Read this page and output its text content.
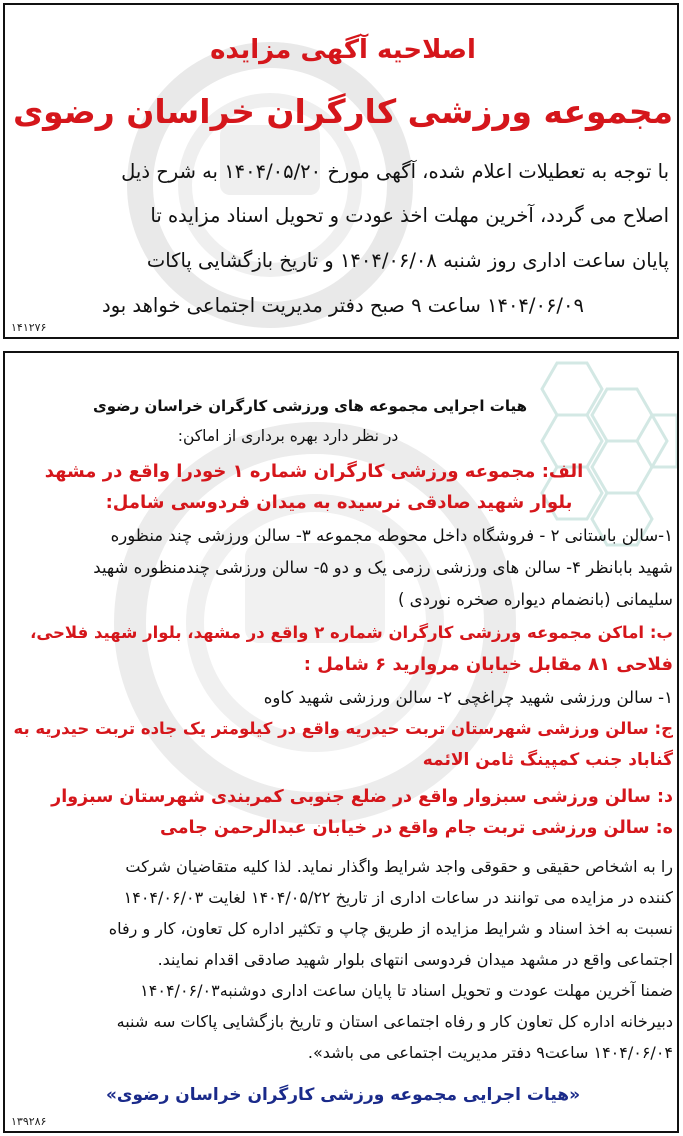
اصلاحیه آگهی مزایده
مجموعه ورزشی کارگران خراسان رضوی
با توجه به تعطیلات اعلام شده، آگهی مورخ ۱۴۰۴/۰۵/۲۰ به شرح ذیل
اصلاح می گردد، آخرین مهلت اخذ عودت و تحویل اسناد مزایده تا
پایان ساعت اداری روز شنبه ۱۴۰۴/۰۶/۰۸ و تاریخ بازگشایی پاکات
۱۴۰۴/۰۶/۰۹ ساعت ۹ صبح دفتر مدیریت اجتماعی خواهد بود
۱۴۱۲۷۶
هیات اجرایی مجموعه های ورزشی کارگران خراسان رضوی
در نظر دارد بهره برداری از اماکن:
الف: مجموعه ورزشی کارگران شماره ۱ خودرا واقع در مشهد
بلوار شهید صادقی نرسیده به میدان فردوسی شامل:
۱-سالن باستانی ۲ - فروشگاه داخل محوطه مجموعه ۳- سالن ورزشی چند منظوره
شهید بابانظر ۴- سالن های ورزشی رزمی یک و دو ۵- سالن ورزشی چندمنظوره شهید
سلیمانی (بانضمام دیواره صخره نوردی )
ب: اماکن مجموعه ورزشی کارگران شماره ۲ واقع در مشهد، بلوار شهید فلاحی،
فلاحی ۸۱ مقابل خیابان مروارید ۶ شامل :
۱- سالن ورزشی شهید چراغچی ۲- سالن ورزشی شهید کاوه
ج: سالن ورزشی شهرستان تربت حیدریه واقع در کیلومتر یک جاده تربت حیدریه به
گناباد جنب کمپینگ ثامن الائمه
د: سالن ورزشی سبزوار واقع در ضلع جنوبی کمربندی شهرستان سبزوار
ه: سالن ورزشی تربت جام واقع در خیابان عبدالرحمن جامی
را به اشخاص حقیقی و حقوقی واجد شرایط واگذار نماید. لذا کلیه متقاضیان شرکت
کننده در مزایده می توانند در ساعات اداری از تاریخ ۱۴۰۴/۰۵/۲۲ لغایت ۱۴۰۴/۰۶/۰۳
نسبت به اخذ اسناد و شرایط مزایده از طریق چاپ و تکثیر اداره کل تعاون، کار و رفاه
اجتماعی واقع در مشهد میدان فردوسی انتهای بلوار شهید صادقی اقدام نمایند.
ضمنا آخرین مهلت عودت و تحویل اسناد تا پایان ساعت اداری دوشنبه۱۴۰۴/۰۶/۰۳
دبیرخانه اداره کل تعاون کار و رفاه اجتماعی استان و تاریخ بازگشایی پاکات سه شنبه
۱۴۰۴/۰۶/۰۴ ساعت۹ دفتر مدیریت اجتماعی می باشد».
«هیات اجرایی مجموعه ورزشی کارگران خراسان رضوی»
۱۳۹۲۸۶
